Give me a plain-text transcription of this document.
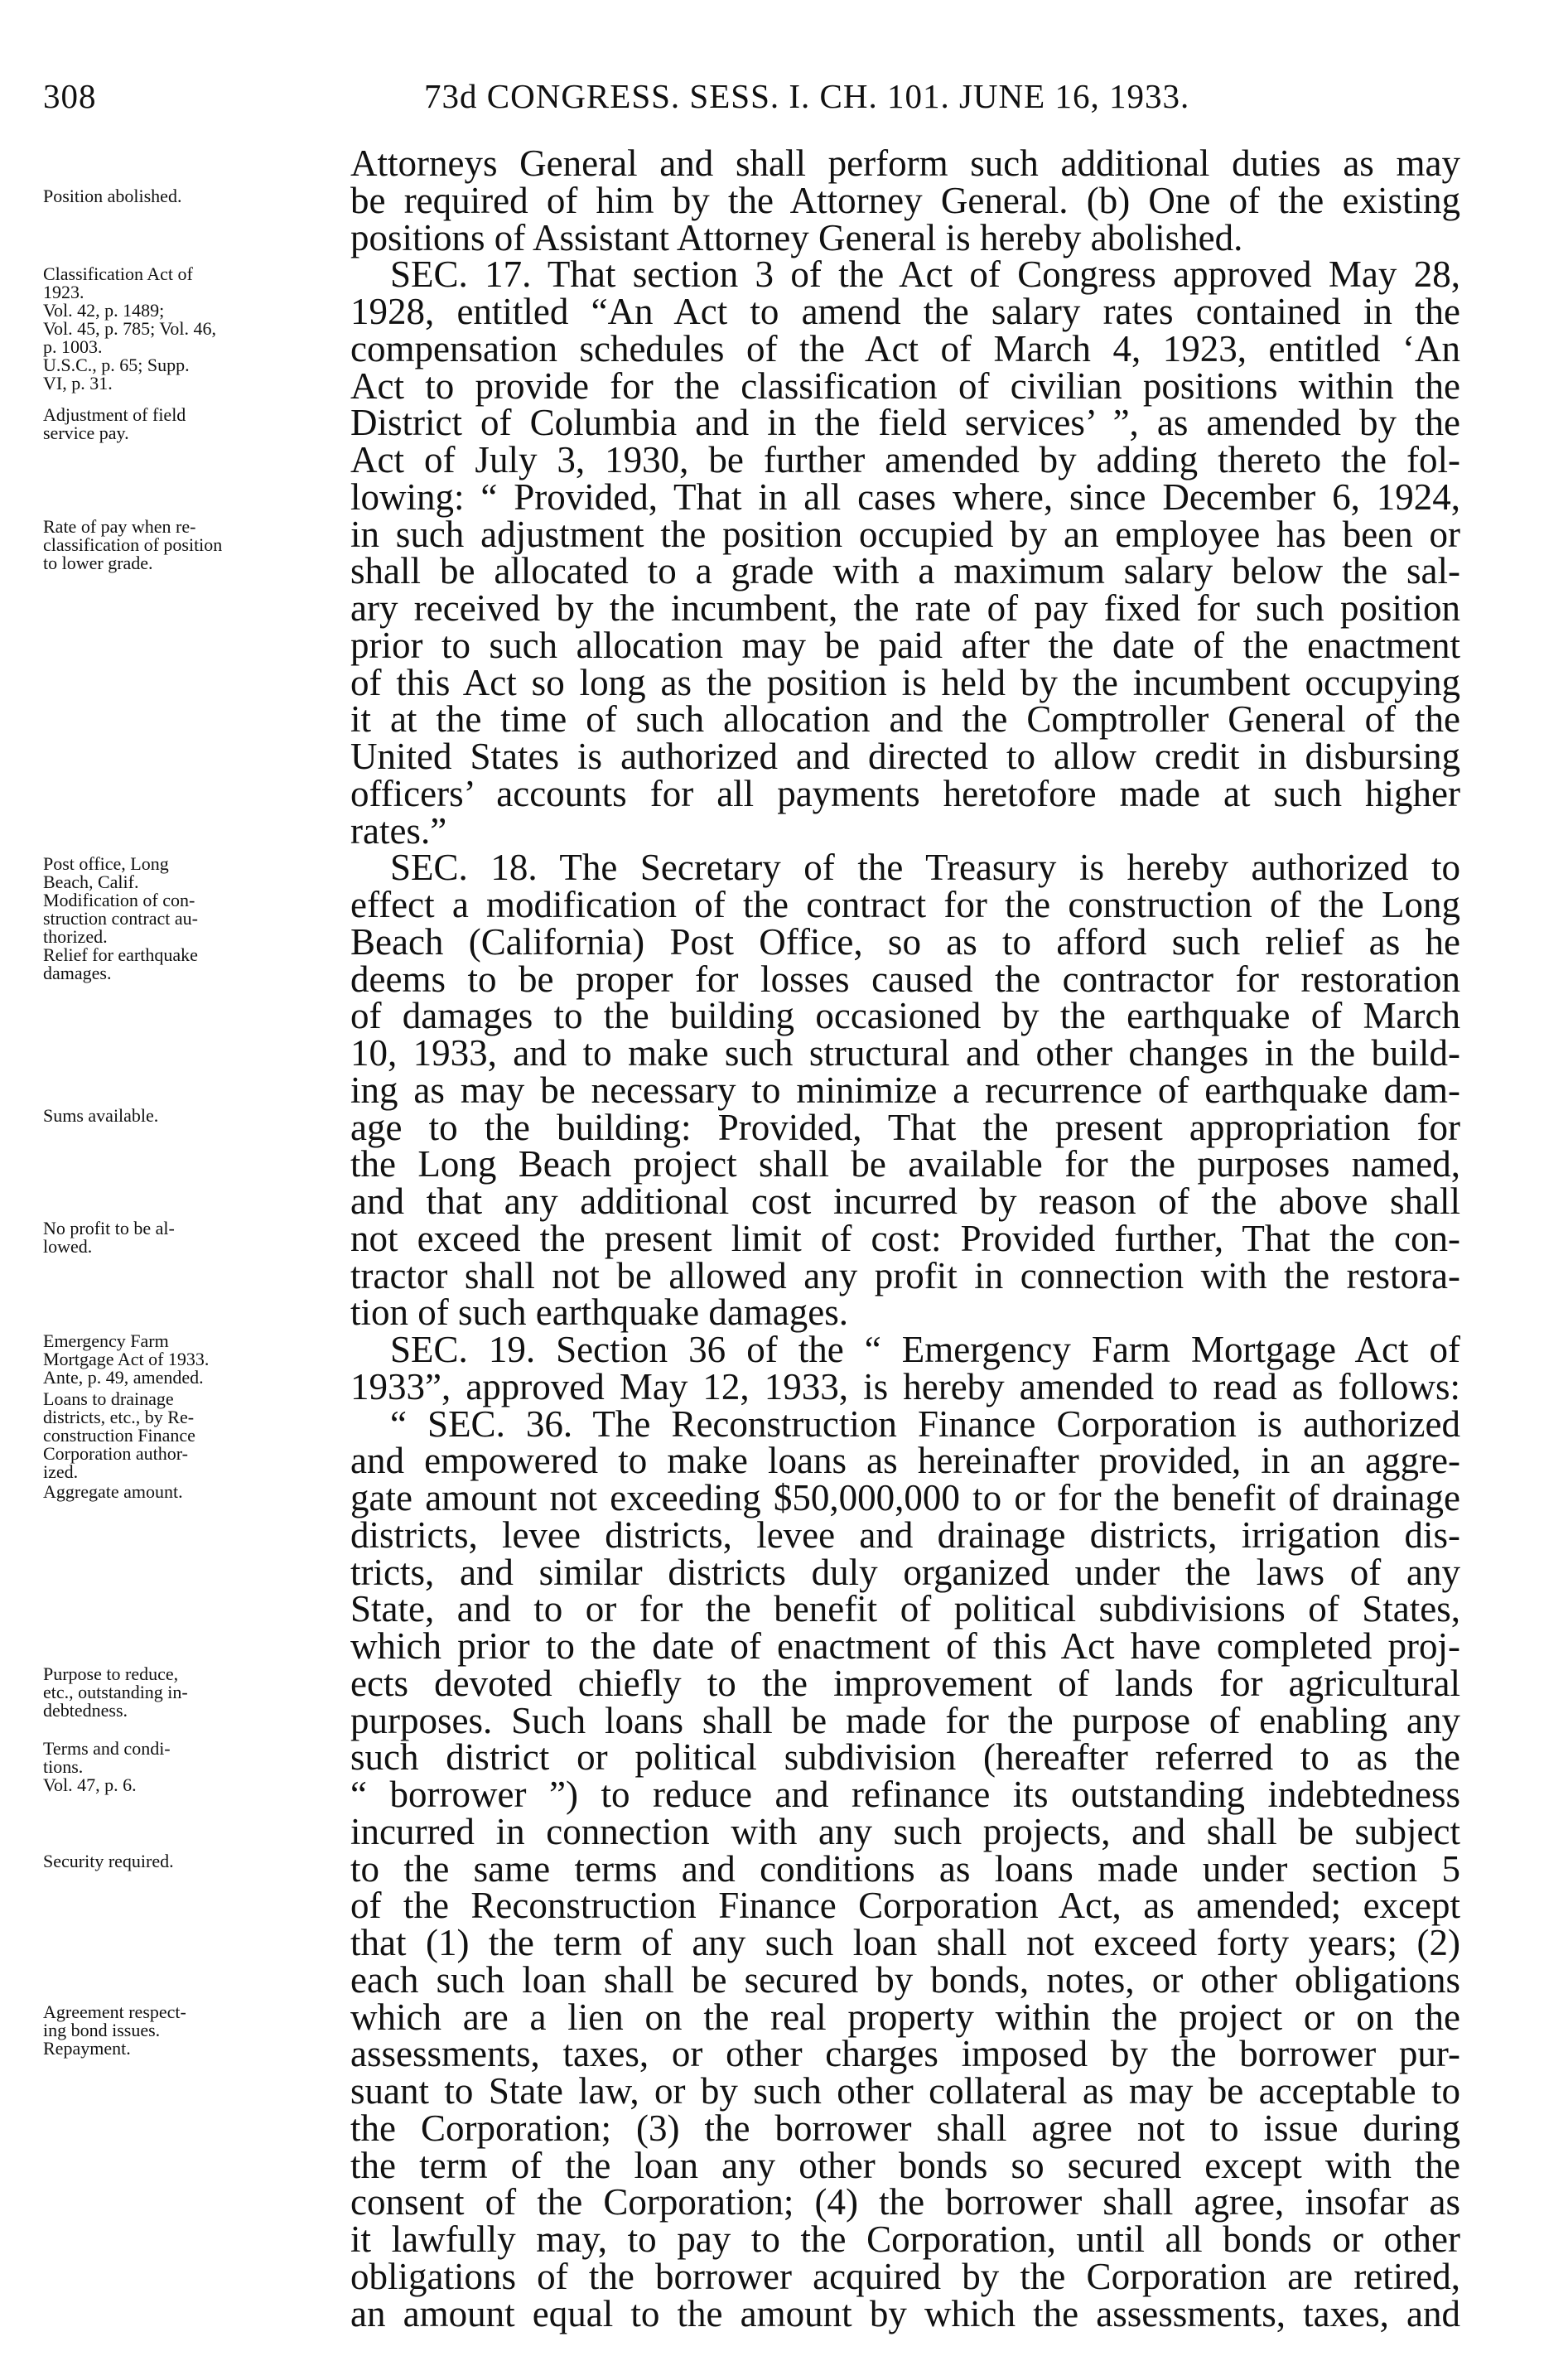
308	73d CONGRESS. SESS. I. CH. 101. JUNE 16, 1933.
Position abolished.
Classification Act of
1923.
Vol. 42, p. 1489;
Vol. 45, p. 785; Vol. 46,
p. 1003.
U.S.C., p. 65; Supp.
VI, p. 31.
Adjustment of field
service pay.
Rate of pay when re-
classification of position
to lower grade.
Post office, Long
Beach, Calif.
Modification of con-
struction contract au-
thorized.
Relief for earthquake
damages.
Sums available.
No profit to be al-
lowed.
Emergency Farm
Mortgage Act of 1933.
Ante, p. 49, amended.
Loans to drainage
districts, etc., by Re-
construction Finance
Corporation author-
ized.
Aggregate amount.
Purpose to reduce,
etc., outstanding in-
debtedness.
Terms and condi-
tions.
Vol. 47, p. 6.
Security required.
Agreement respect-
ing bond issues.
Repayment.
Attorneys General and shall perform such additional duties as may
be required of him by the Attorney General. (b) One of the existing
positions of Assistant Attorney General is hereby abolished.
SEC. 17. That section 3 of the Act of Congress approved May 28,
1928, entitled “An Act to amend the salary rates contained in the
compensation schedules of the Act of March 4, 1923, entitled ‘An
Act to provide for the classification of civilian positions within the
District of Columbia and in the field services’ ”, as amended by the
Act of July 3, 1930, be further amended by adding thereto the fol-
lowing: “ Provided, That in all cases where, since December 6, 1924,
in such adjustment the position occupied by an employee has been or
shall be allocated to a grade with a maximum salary below the sal-
ary received by the incumbent, the rate of pay fixed for such position
prior to such allocation may be paid after the date of the enactment
of this Act so long as the position is held by the incumbent occupying
it at the time of such allocation and the Comptroller General of the
United States is authorized and directed to allow credit in disbursing
officers’ accounts for all payments heretofore made at such higher
rates.”
SEC. 18. The Secretary of the Treasury is hereby authorized to
effect a modification of the contract for the construction of the Long
Beach (California) Post Office, so as to afford such relief as he
deems to be proper for losses caused the contractor for restoration
of damages to the building occasioned by the earthquake of March
10, 1933, and to make such structural and other changes in the build-
ing as may be necessary to minimize a recurrence of earthquake dam-
age to the building: Provided, That the present appropriation for
the Long Beach project shall be available for the purposes named,
and that any additional cost incurred by reason of the above shall
not exceed the present limit of cost: Provided further, That the con-
tractor shall not be allowed any profit in connection with the restora-
tion of such earthquake damages.
SEC. 19. Section 36 of the “ Emergency Farm Mortgage Act of
1933”, approved May 12, 1933, is hereby amended to read as follows:
“ SEC. 36. The Reconstruction Finance Corporation is authorized
and empowered to make loans as hereinafter provided, in an aggre-
gate amount not exceeding $50,000,000 to or for the benefit of drainage
districts, levee districts, levee and drainage districts, irrigation dis-
tricts, and similar districts duly organized under the laws of any
State, and to or for the benefit of political subdivisions of States,
which prior to the date of enactment of this Act have completed proj-
ects devoted chiefly to the improvement of lands for agricultural
purposes. Such loans shall be made for the purpose of enabling any
such district or political subdivision (hereafter referred to as the
“ borrower ”) to reduce and refinance its outstanding indebtedness
incurred in connection with any such projects, and shall be subject
to the same terms and conditions as loans made under section 5
of the Reconstruction Finance Corporation Act, as amended; except
that (1) the term of any such loan shall not exceed forty years; (2)
each such loan shall be secured by bonds, notes, or other obligations
which are a lien on the real property within the project or on the
assessments, taxes, or other charges imposed by the borrower pur-
suant to State law, or by such other collateral as may be acceptable to
the Corporation; (3) the borrower shall agree not to issue during
the term of the loan any other bonds so secured except with the
consent of the Corporation; (4) the borrower shall agree, insofar as
it lawfully may, to pay to the Corporation, until all bonds or other
obligations of the borrower acquired by the Corporation are retired,
an amount equal to the amount by which the assessments, taxes, and
